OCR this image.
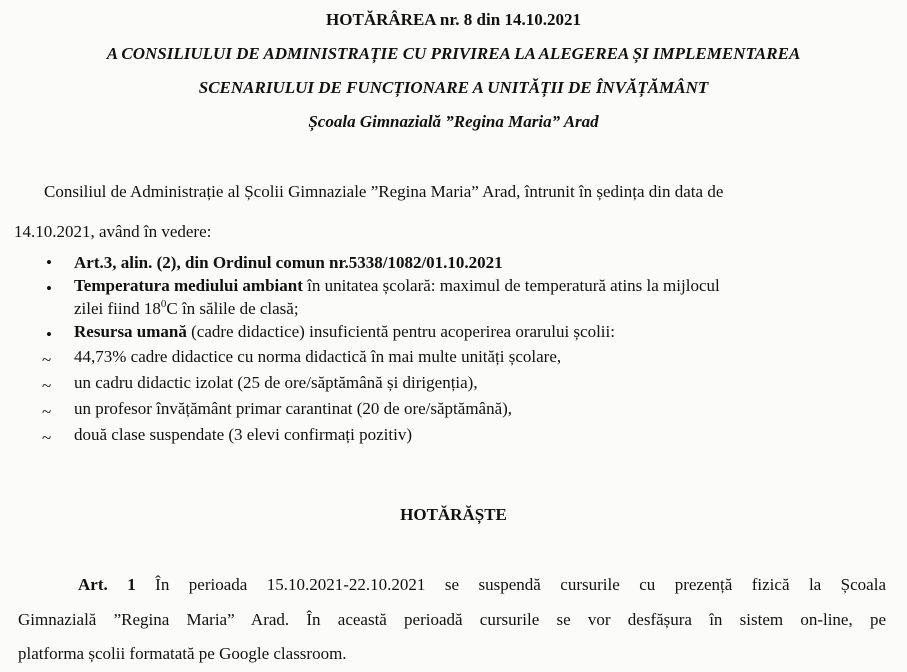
HOTĂRÂREA nr. 8 din 14.10.2021
A CONSILIULUI DE ADMINISTRAȚIE CU PRIVIREA LA ALEGEREA ȘI IMPLEMENTAREA
SCENARIULUI DE FUNCȚIONARE A UNITĂȚII DE ÎNVĂȚĂMÂNT
Școala Gimnazială ”Regina Maria” Arad
Consiliul de Administrație al Școlii Gimnaziale ”Regina Maria” Arad, întrunit în ședința din data de
14.10.2021, având în vedere:
• Art.3, alin. (2), din Ordinul comun nr.5338/1082/01.10.2021
• Temperatura mediului ambiant în unitatea școlară: maximul de temperatură atins la mijlocul
zilei fiind $18^0C$ în sălile de clasă;
• Resursa umană (cadre didactice) insuficientă pentru acoperirea orarului școlii:
~ 44,73% cadre didactice cu norma didactică în mai multe unități școlare,
~ un cadru didactic izolat (25 de ore/săptămână și dirigenția),
~ un profesor învățământ primar carantinat (20 de ore/săptămână),
~ două clase suspendate (3 elevi confirmați pozitiv)
HOTĂRĂȘTE
Art. 1 În perioada 15.10.2021-22.10.2021 se suspendă cursurile cu prezență fizică la Școala
Gimnazială ”Regina Maria” Arad. În această perioadă cursurile se vor desfășura în sistem on-line, pe
platforma școlii formatată pe Google classroom.
